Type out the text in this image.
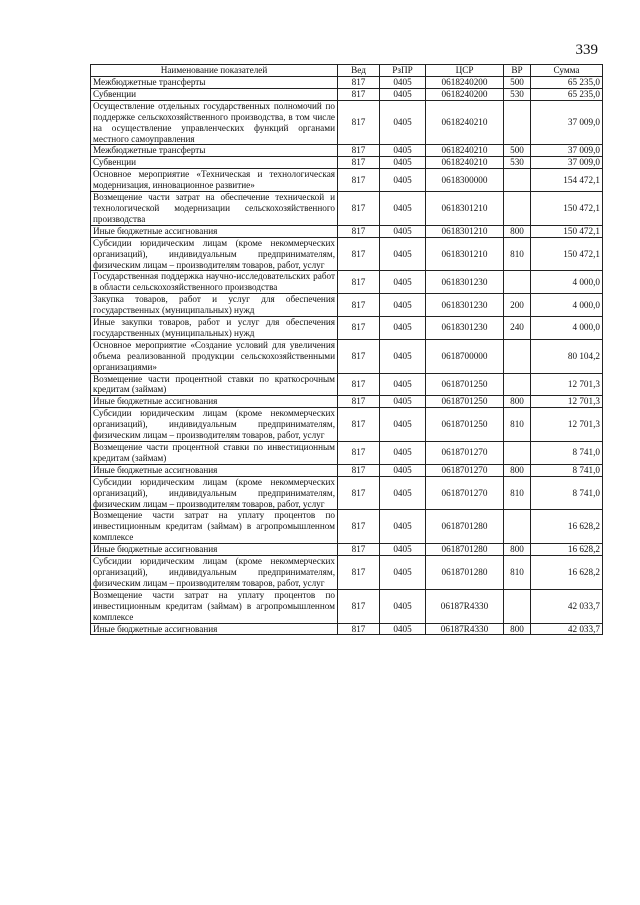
339
Наименование показателей	Вед	РзПР	ЦСР	ВР	Сумма
Межбюджетные трансферты	817	0405	0618240200	500	65 235,0
Субвенции	817	0405	0618240200	530	65 235,0
Осуществление отдельных государственных полномочий по поддержке сельскохозяйственного производства, в том числе на осуществление управленческих функций органами местного самоуправления	817	0405	0618240210		37 009,0
Межбюджетные трансферты	817	0405	0618240210	500	37 009,0
Субвенции	817	0405	0618240210	530	37 009,0
Основное мероприятие «Техническая и технологическая модернизация, инновационное развитие»	817	0405	0618300000		154 472,1
Возмещение части затрат на обеспечение технической и технологической модернизации сельскохозяйственного производства	817	0405	0618301210		150 472,1
Иные бюджетные ассигнования	817	0405	0618301210	800	150 472,1
Субсидии юридическим лицам (кроме некоммерческих организаций), индивидуальным предпринимателям, физическим лицам – производителям товаров, работ, услуг	817	0405	0618301210	810	150 472,1
Государственная поддержка научно-исследовательских работ в области сельскохозяйственного производства	817	0405	0618301230		4 000,0
Закупка товаров, работ и услуг для обеспечения государственных (муниципальных) нужд	817	0405	0618301230	200	4 000,0
Иные закупки товаров, работ и услуг для обеспечения государственных (муниципальных) нужд	817	0405	0618301230	240	4 000,0
Основное мероприятие «Создание условий для увеличения объема реализованной продукции сельскохозяйственными организациями»	817	0405	0618700000		80 104,2
Возмещение части процентной ставки по краткосрочным кредитам (займам)	817	0405	0618701250		12 701,3
Иные бюджетные ассигнования	817	0405	0618701250	800	12 701,3
Субсидии юридическим лицам (кроме некоммерческих организаций), индивидуальным предпринимателям, физическим лицам – производителям товаров, работ, услуг	817	0405	0618701250	810	12 701,3
Возмещение части процентной ставки по инвестиционным кредитам (займам)	817	0405	0618701270		8 741,0
Иные бюджетные ассигнования	817	0405	0618701270	800	8 741,0
Субсидии юридическим лицам (кроме некоммерческих организаций), индивидуальным предпринимателям, физическим лицам – производителям товаров, работ, услуг	817	0405	0618701270	810	8 741,0
Возмещение части затрат на уплату процентов по инвестиционным кредитам (займам) в агропромышленном комплексе	817	0405	0618701280		16 628,2
Иные бюджетные ассигнования	817	0405	0618701280	800	16 628,2
Субсидии юридическим лицам (кроме некоммерческих организаций), индивидуальным предпринимателям, физическим лицам – производителям товаров, работ, услуг	817	0405	0618701280	810	16 628,2
Возмещение части затрат на уплату процентов по инвестиционным кредитам (займам) в агропромышленном комплексе	817	0405	06187R4330		42 033,7
Иные бюджетные ассигнования	817	0405	06187R4330	800	42 033,7
